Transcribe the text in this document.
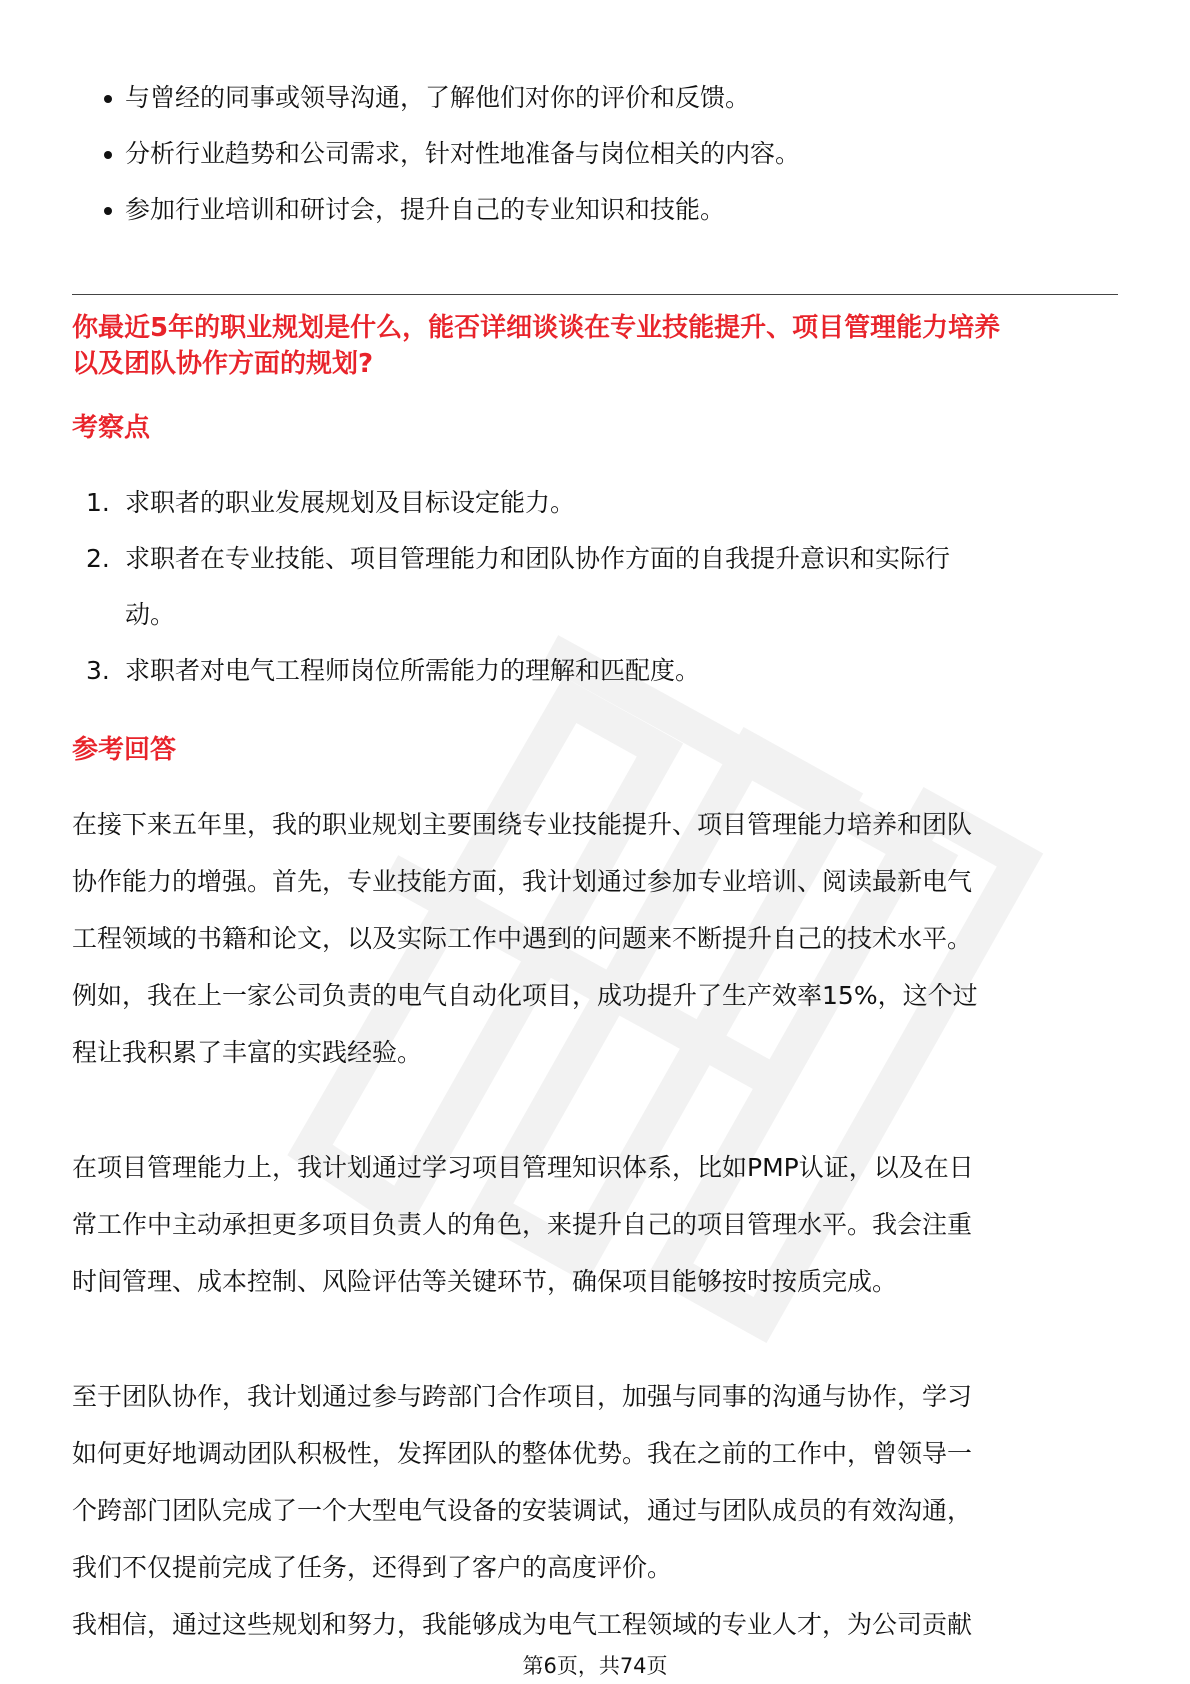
与曾经的同事或领导沟通，了解他们对你的评价和反馈。
分析行业趋势和公司需求，针对性地准备与岗位相关的内容。
参加行业培训和研讨会，提升自己的专业知识和技能。
你最近5年的职业规划是什么，能否详细谈谈在专业技能提升、项目管理能力培养
以及团队协作方面的规划?
考察点
1. 求职者的职业发展规划及目标设定能力。
2. 求职者在专业技能、项目管理能力和团队协作方面的自我提升意识和实际行
动。
3. 求职者对电气工程师岗位所需能力的理解和匹配度。
参考回答
在接下来五年里，我的职业规划主要围绕专业技能提升、项目管理能力培养和团队
协作能力的增强。首先，专业技能方面，我计划通过参加专业培训、阅读最新电气
工程领域的书籍和论文，以及实际工作中遇到的问题来不断提升自己的技术水平。
例如，我在上一家公司负责的电气自动化项目，成功提升了生产效率15%，这个过
程让我积累了丰富的实践经验。
在项目管理能力上，我计划通过学习项目管理知识体系，比如PMP认证，以及在日
常工作中主动承担更多项目负责人的角色，来提升自己的项目管理水平。我会注重
时间管理、成本控制、风险评估等关键环节，确保项目能够按时按质完成。
至于团队协作，我计划通过参与跨部门合作项目，加强与同事的沟通与协作，学习
如何更好地调动团队积极性，发挥团队的整体优势。我在之前的工作中，曾领导一
个跨部门团队完成了一个大型电气设备的安装调试，通过与团队成员的有效沟通，
我们不仅提前完成了任务，还得到了客户的高度评价。
我相信，通过这些规划和努力，我能够成为电气工程领域的专业人才，为公司贡献
第6页，共74页
